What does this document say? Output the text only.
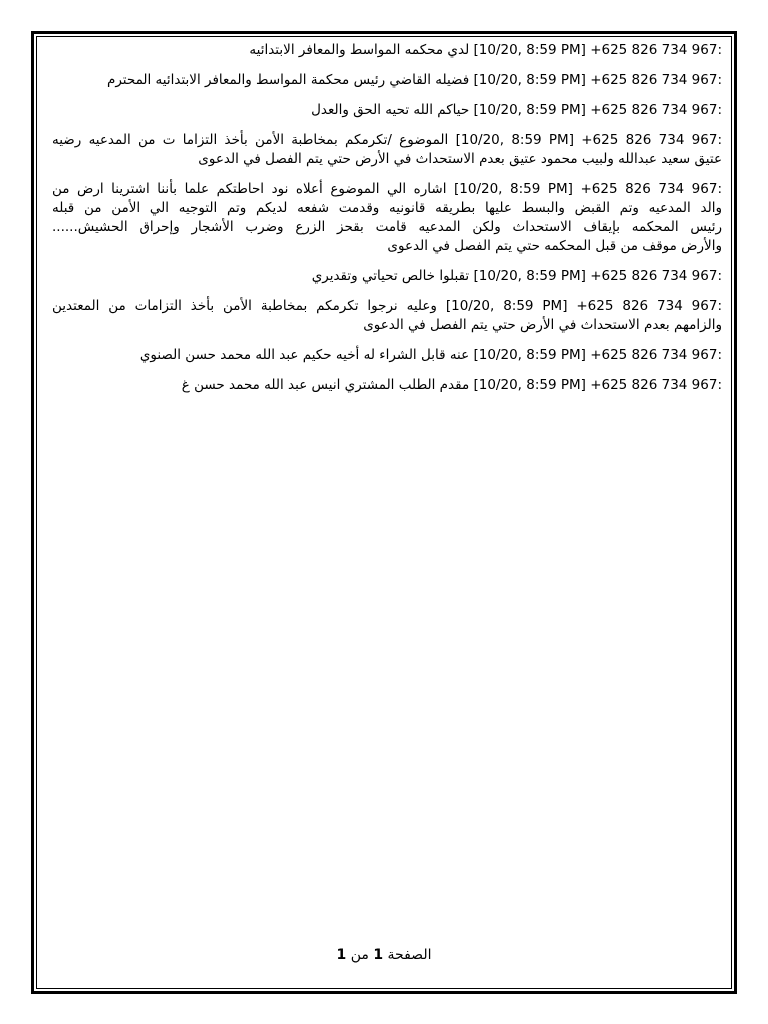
[10/20, 8:59 PM] +625 826 734 967: لدي محكمه المواسط والمعافر الابتدائيه
[10/20, 8:59 PM] +625 826 734 967: فضيله القاضي رئيس محكمة المواسط والمعافر الابتدائيه المحترم
[10/20, 8:59 PM] +625 826 734 967: حياكم الله تحيه الحق والعدل
[10/20, 8:59 PM] +625 826 734 967: الموضوع /تكرمكم بمخاطبة الأمن بأخذ التزاما ت من المدعيه رضيه
عتيق سعيد عبدالله ولبيب محمود عتيق بعدم الاستحداث في الأرض حتي يتم الفصل في الدعوى
[10/20, 8:59 PM] +625 826 734 967: اشاره الي الموضوع أعلاه نود احاطتكم علما بأننا اشترينا ارض من
والد المدعيه وتم القبض والبسط عليها بطريقه قانونيه وقدمت شفعه لديكم وتم التوجيه الي الأمن من قبله
رئيس المحكمه بإيقاف الاستحداث ولكن المدعيه قامت بقحز الزرع وضرب الأشجار وإحراق الحشيش......
والأرض موقف من قبل المحكمه حتي يتم الفصل في الدعوى
[10/20, 8:59 PM] +625 826 734 967: تقبلوا خالص تحياتي وتقديري
[10/20, 8:59 PM] +625 826 734 967: وعليه نرجوا تكرمكم بمخاطبة الأمن بأخذ التزامات من المعتدين
والزامهم بعدم الاستحداث في الأرض حتي يتم الفصل في الدعوى
[10/20, 8:59 PM] +625 826 734 967: عنه قابل الشراء له أخيه حكيم عبد الله محمد حسن الصنوي
[10/20, 8:59 PM] +625 826 734 967: مقدم الطلب المشتري انيس عبد الله محمد حسن غ
الصفحة 1 من 1
